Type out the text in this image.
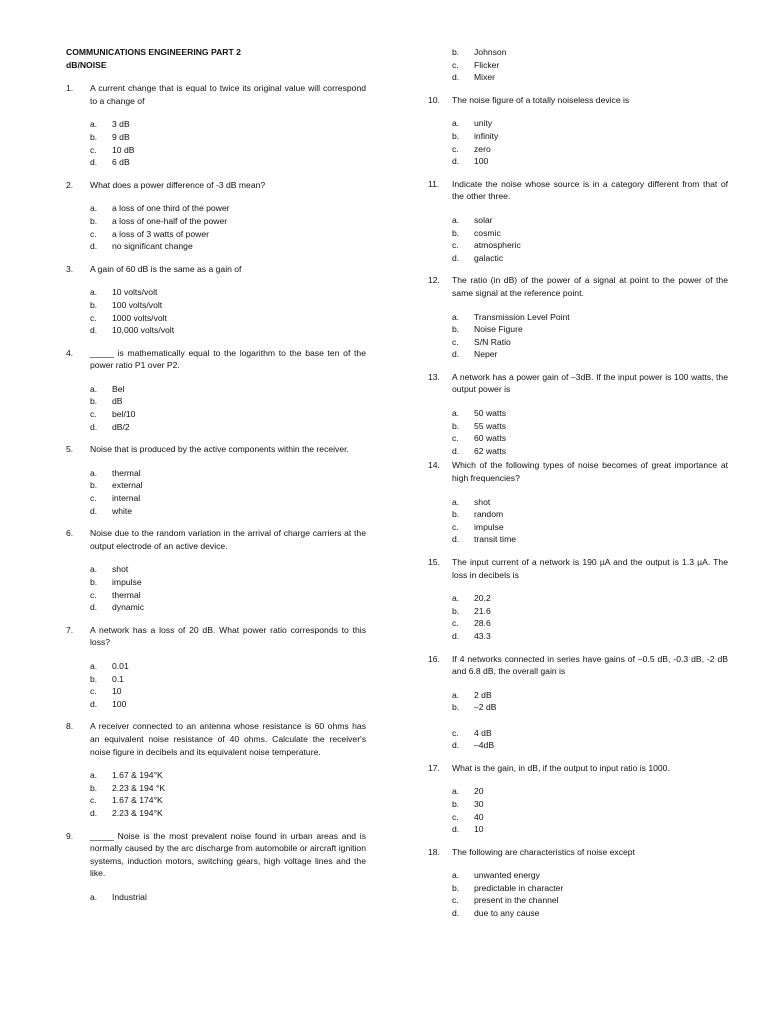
COMMUNICATIONS ENGINEERING PART 2
dB/NOISE
1.	A current change that is equal to twice its original value will correspond to a change of
a.	3 dB
b.	9 dB
c.	10 dB
d.	6 dB
2.	What does a power difference of -3 dB mean?
a.	a loss of one third of the power
b.	a loss of one-half of the power
c.	a loss of 3 watts of power
d.	no significant change
3.	A gain of 60 dB is the same as a gain of
a.	10 volts/volt
b.	100 volts/volt
c.	1000 volts/volt
d.	10,000 volts/volt
4.	_____ is mathematically equal to the logarithm to the base ten of the power ratio P1 over P2.
a.	Bel
b.	dB
c.	bel/10
d.	dB/2
5.	Noise that is produced by the active components within the receiver.
a.	thermal
b.	external
c.	internal
d.	white
6.	Noise due to the random variation in the arrival of charge carriers at the output electrode of an active device.
a.	shot
b.	impulse
c.	thermal
d.	dynamic
7.	A network has a loss of 20 dB. What power ratio corresponds to this loss?
a.	0.01
b.	0.1
c.	10
d.	100
8.	A receiver connected to an antenna whose resistance is 60 ohms has an equivalent noise resistance of 40 ohms. Calculate the receiver's noise figure in decibels and its equivalent noise temperature.
a.	1.67 & 194°K
b.	2.23 & 194 °K
c.	1.67 & 174°K
d.	2.23 & 194°K
9.	_____ Noise is the most prevalent noise found in urban areas and is normally caused by the arc discharge from automobile or aircraft ignition systems, induction motors, switching gears, high voltage lines and the like.
a.	Industrial
b.	Johnson
c.	Flicker
d.	Mixer
10.	The noise figure of a totally noiseless device is
a.	unity
b.	infinity
c.	zero
d.	100
11.	Indicate the noise whose source is in a category different from that of the other three.
a.	solar
b.	cosmic
c.	atmospheric
d.	galactic
12.	The ratio (in dB) of the power of a signal at point to the power of the same signal at the reference point.
a.	Transmission Level Point
b.	Noise Figure
c.	S/N Ratio
d.	Neper
13.	A network has a power gain of –3dB. If the input power is 100 watts, the output power is
a.	50 watts
b.	55 watts
c.	60 watts
d.	62 watts
14.	Which of the following types of noise becomes of great importance at high frequencies?
a.	shot
b.	random
c.	impulse
d.	transit time
15.	The input current of a network is 190 µA and the output is 1.3 µA. The loss in decibels is
a.	20.2
b.	21.6
c.	28.6
d.	43.3
16.	If 4 networks connected in series have gains of –0.5 dB, -0.3 dB, -2 dB and 6.8 dB, the overall gain is
a.	2 dB
b.	–2 dB
c.	4 dB
d.	–4dB
17.	What is the gain, in dB, if the output to input ratio is 1000.
a.	20
b.	30
c.	40
d.	10
18.	The following are characteristics of noise except
a.	unwanted energy
b.	predictable in character
c.	present in the channel
d.	due to any cause
